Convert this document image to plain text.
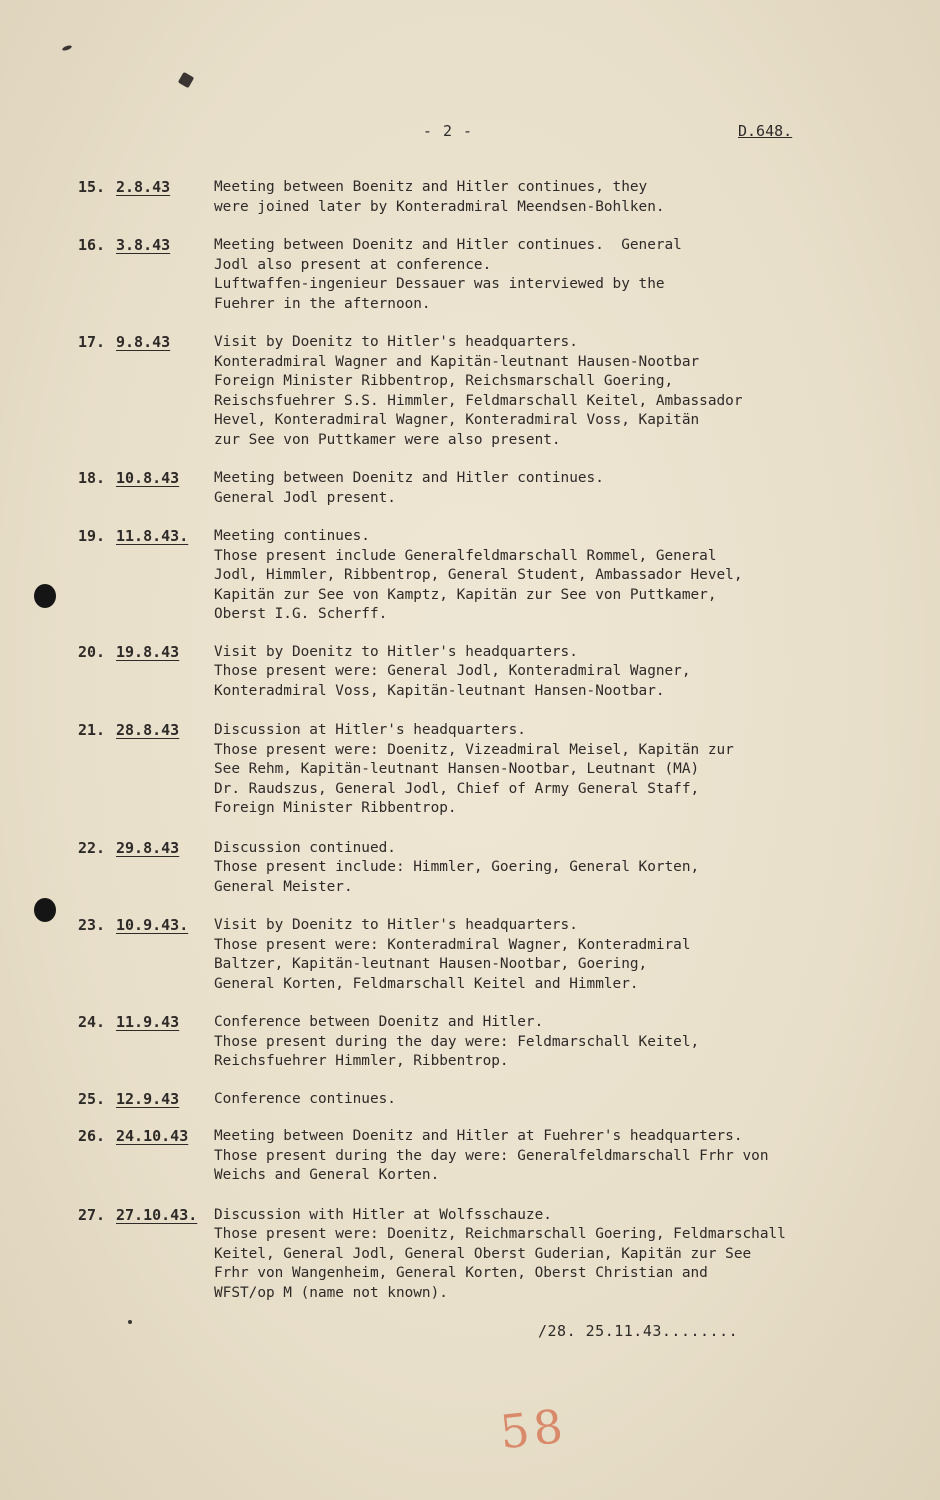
- 2 -	D.648.
15. 2.8.43	Meeting between Boenitz and Hitler continues, they
were joined later by Konteradmiral Meendsen-Bohlken.
16. 3.8.43	Meeting between Doenitz and Hitler continues.  General
Jodl also present at conference.
Luftwaffen-ingenieur Dessauer was interviewed by the
Fuehrer in the afternoon.
17. 9.8.43	Visit by Doenitz to Hitler's headquarters.
Konteradmiral Wagner and Kapitän-leutnant Hausen-Nootbar
Foreign Minister Ribbentrop, Reichsmarschall Goering,
Reischsfuehrer S.S. Himmler, Feldmarschall Keitel, Ambassador
Hevel, Konteradmiral Wagner, Konteradmiral Voss, Kapitän
zur See von Puttkamer were also present.
18. 10.8.43	Meeting between Doenitz and Hitler continues.
General Jodl present.
19. 11.8.43.	Meeting continues.
Those present include Generalfeldmarschall Rommel, General
Jodl, Himmler, Ribbentrop, General Student, Ambassador Hevel,
Kapitän zur See von Kamptz, Kapitän zur See von Puttkamer,
Oberst I.G. Scherff.
20. 19.8.43	Visit by Doenitz to Hitler's headquarters.
Those present were: General Jodl, Konteradmiral Wagner,
Konteradmiral Voss, Kapitän-leutnant Hansen-Nootbar.
21. 28.8.43	Discussion at Hitler's headquarters.
Those present were: Doenitz, Vizeadmiral Meisel, Kapitän zur
See Rehm, Kapitän-leutnant Hansen-Nootbar, Leutnant (MA)
Dr. Raudszus, General Jodl, Chief of Army General Staff,
Foreign Minister Ribbentrop.
22. 29.8.43	Discussion continued.
Those present include: Himmler, Goering, General Korten,
General Meister.
23. 10.9.43.	Visit by Doenitz to Hitler's headquarters.
Those present were: Konteradmiral Wagner, Konteradmiral
Baltzer, Kapitän-leutnant Hausen-Nootbar, Goering,
General Korten, Feldmarschall Keitel and Himmler.
24. 11.9.43	Conference between Doenitz and Hitler.
Those present during the day were: Feldmarschall Keitel,
Reichsfuehrer Himmler, Ribbentrop.
25. 12.9.43	Conference continues.
26. 24.10.43	Meeting between Doenitz and Hitler at Fuehrer's headquarters.
Those present during the day were: Generalfeldmarschall Frhr von
Weichs and General Korten.
27. 27.10.43.	Discussion with Hitler at Wolfsschauze.
Those present were: Doenitz, Reichmarschall Goering, Feldmarschall
Keitel, General Jodl, General Oberst Guderian, Kapitän zur See
Frhr von Wangenheim, General Korten, Oberst Christian and
WFST/op M (name not known).
/28. 25.11.43........
58
